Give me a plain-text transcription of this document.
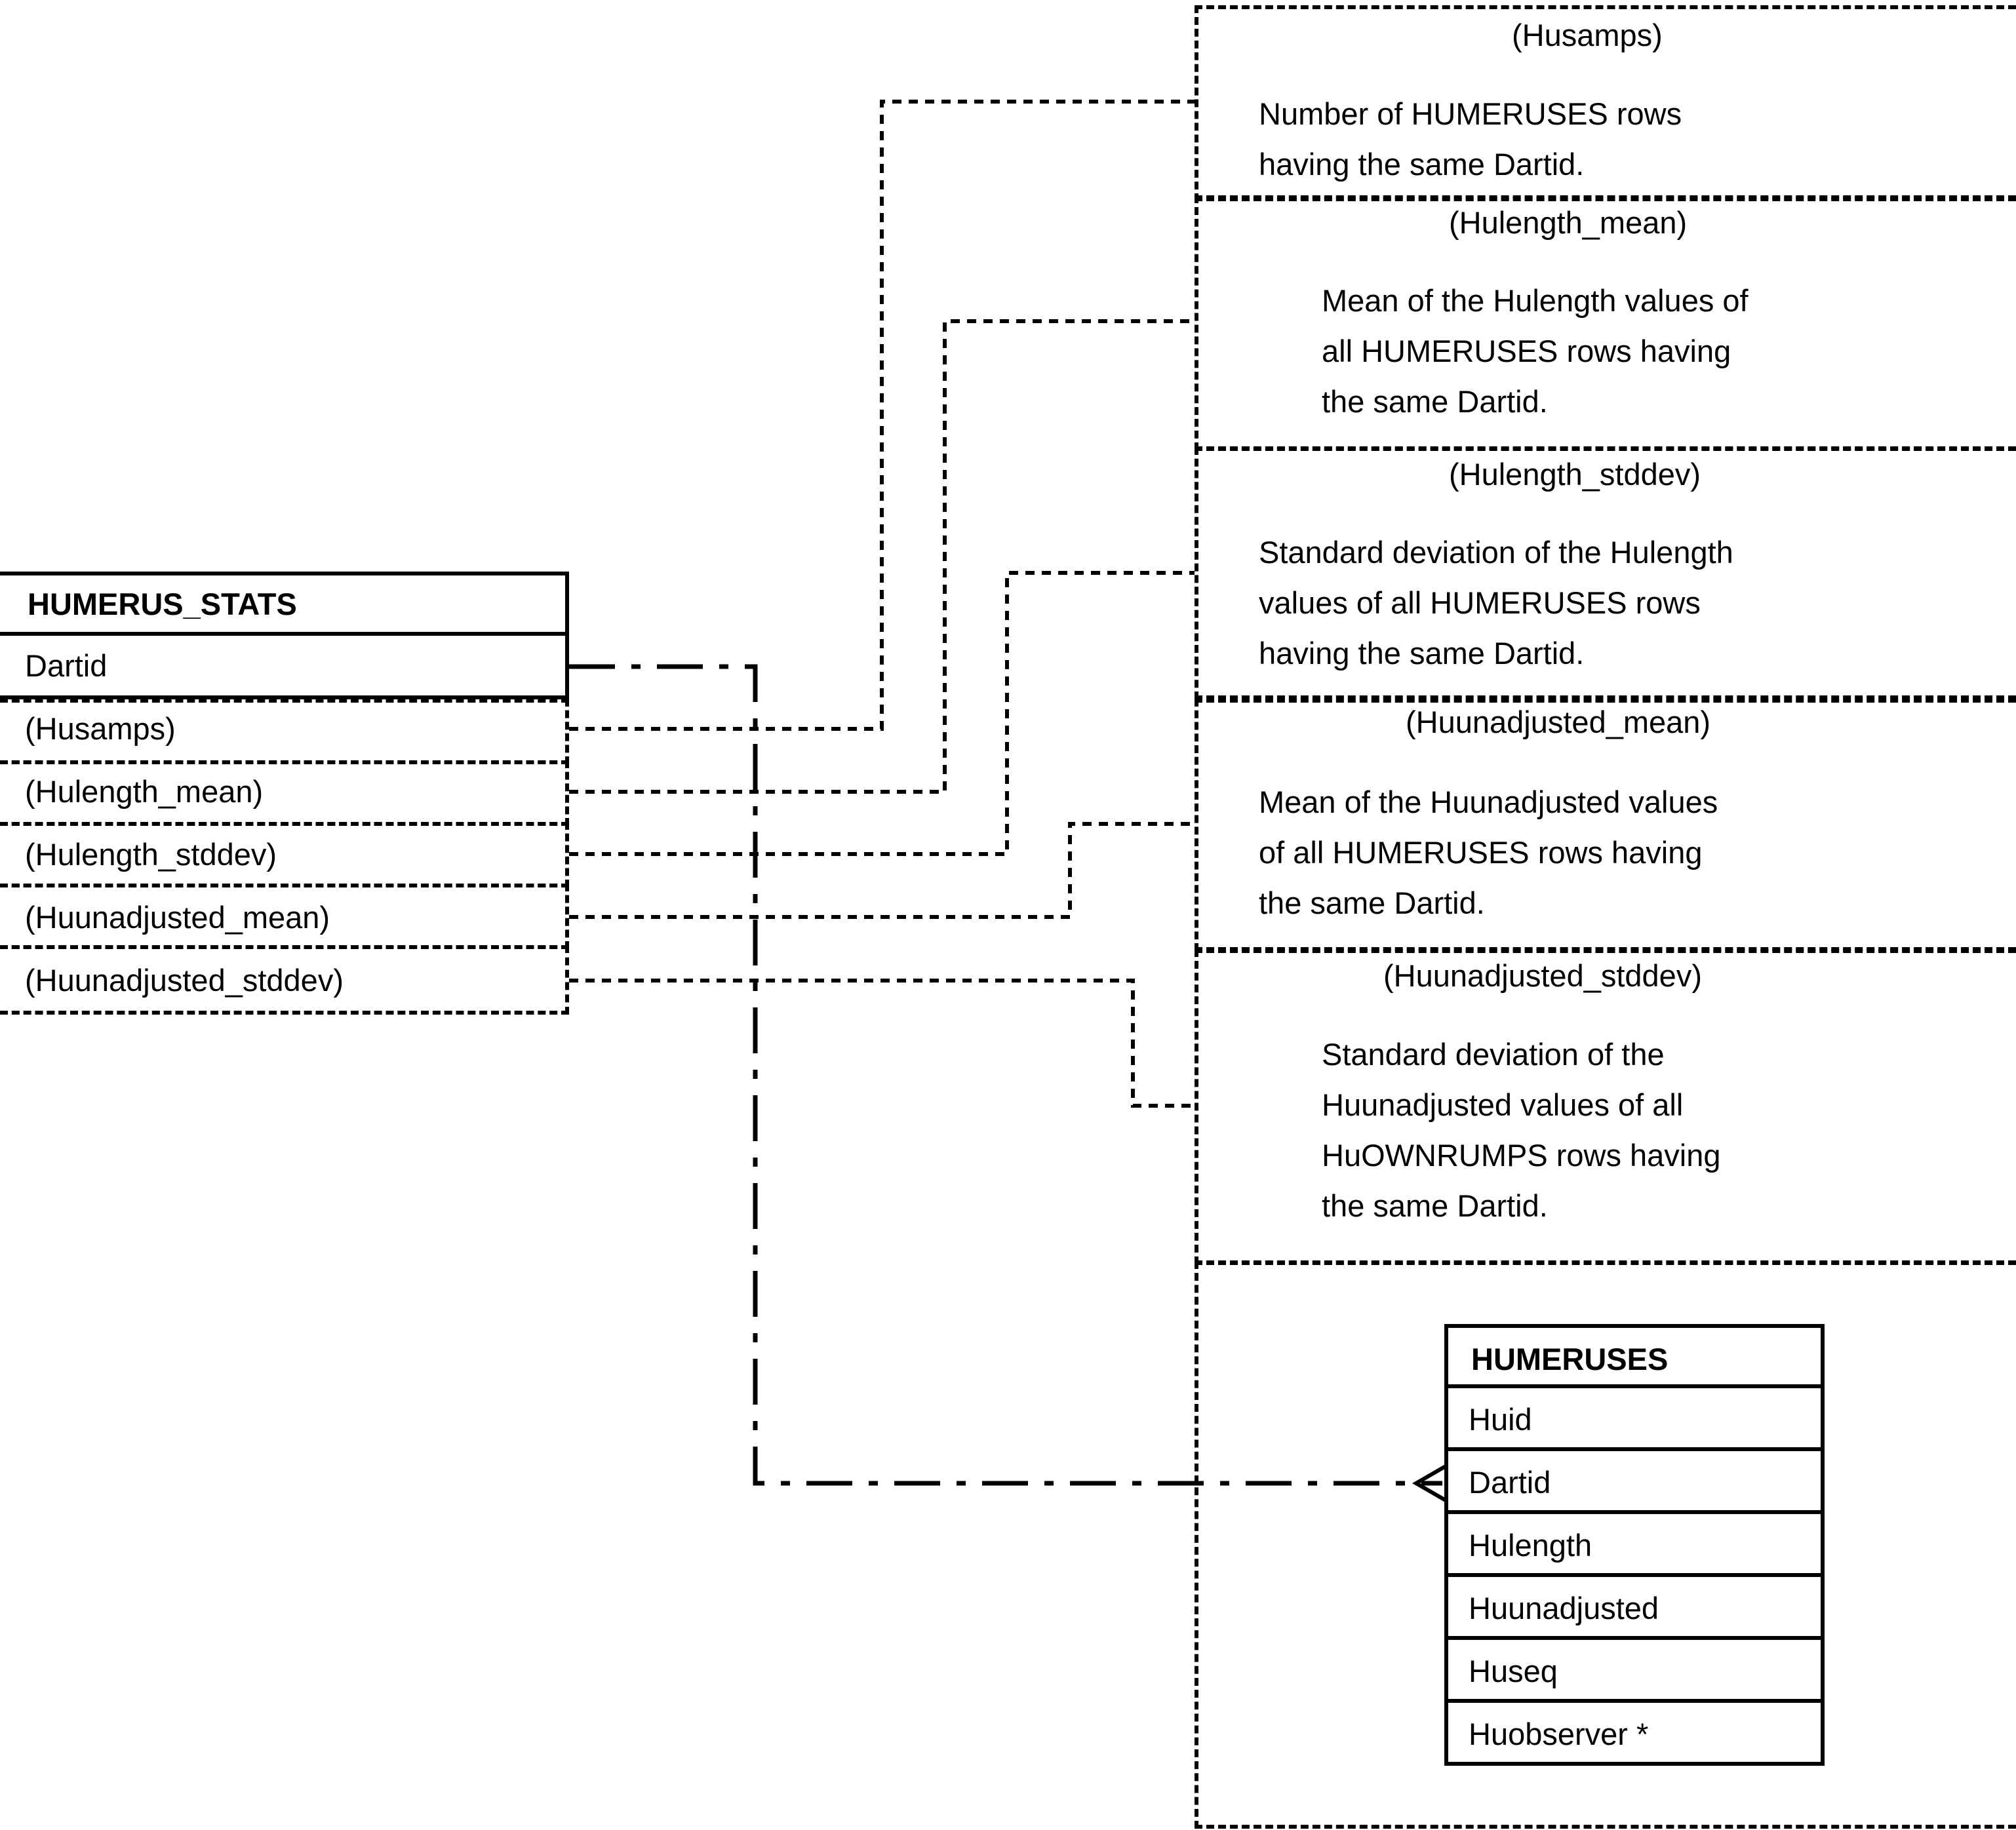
HUMERUS_STATS
Dartid
(Husamps)
(Hulength_mean)
(Hulength_stddev)
(Huunadjusted_mean)
(Huunadjusted_stddev)
(Husamps)
Number of HUMERUSES rows
having the same Dartid.
(Hulength_mean)
Mean of the Hulength values of
all HUMERUSES rows having
the same Dartid.
(Hulength_stddev)
Standard deviation of the Hulength
values of all HUMERUSES rows
having the same Dartid.
(Huunadjusted_mean)
Mean of the Huunadjusted values
of all HUMERUSES rows having
the same Dartid.
(Huunadjusted_stddev)
Standard deviation of the
Huunadjusted values of all
HuOWNRUMPS rows having
the same Dartid.
HUMERUSES
Huid
Dartid
Hulength
Huunadjusted
Huseq
Huobserver *
